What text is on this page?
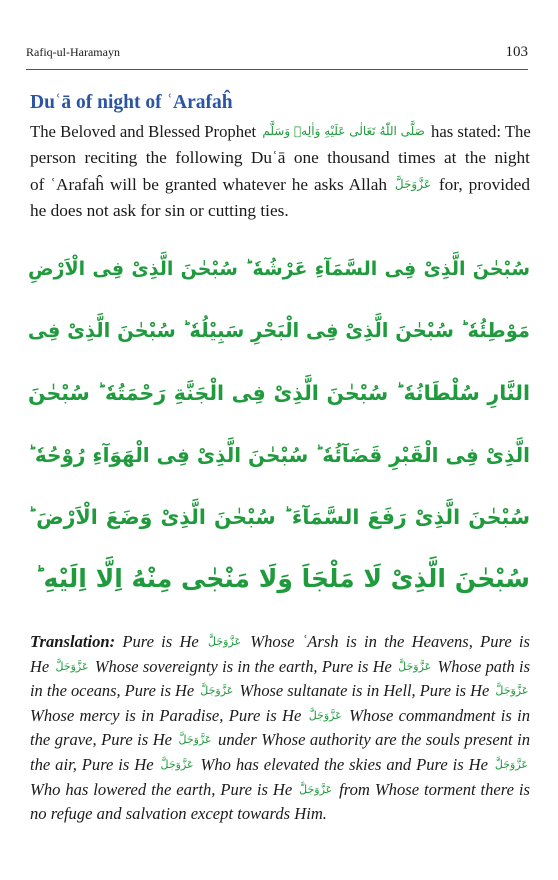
Rafiq-ul-Haramayn	103
Duʿā of night of ʿArafaĥ
The Beloved and Blessed Prophet صَلَّى اللّٰهُ تَعَالٰى عَلَيْهِ وَاٰلِهٖ وَسَلَّم has stated: The
person reciting the following Duʿā one thousand times at the night
of ʿArafaĥ will be granted whatever he asks Allah عَزَّوَجَلَّ for, provided
he does not ask for sin or cutting ties.
سُبْحٰنَ الَّذِىْ فِى السَّمَآءِ عَرْشُهٗ ؕ سُبْحٰنَ الَّذِىْ فِى الْاَرْضِ
مَوْطِئُهٗ ؕ سُبْحٰنَ الَّذِىْ فِى الْبَحْرِ سَبِيْلُهٗ ؕ سُبْحٰنَ الَّذِىْ فِى
النَّارِ سُلْطَانُهٗ ؕ سُبْحٰنَ الَّذِىْ فِى الْجَنَّةِ رَحْمَتُهٗ ؕ سُبْحٰنَ
الَّذِىْ فِى الْقَبْرِ قَضَآئُهٗ ؕ سُبْحٰنَ الَّذِىْ فِى الْهَوَآءِ رُوْحُهٗ ؕ
سُبْحٰنَ الَّذِىْ رَفَعَ السَّمَآءَ ؕ سُبْحٰنَ الَّذِىْ وَضَعَ الْاَرْضَ ؕ
سُبْحٰنَ الَّذِىْ لَا مَلْجَاَ وَلَا مَنْجٰى مِنْهُ اِلَّا اِلَيْهِ ؕ
Translation: Pure is He عَزَّوَجَلَّ Whose ʿArsh is in the Heavens, Pure is
He عَزَّوَجَلَّ Whose sovereignty is in the earth, Pure is He عَزَّوَجَلَّ Whose path is
in the oceans, Pure is He عَزَّوَجَلَّ Whose sultanate is in Hell, Pure is He عَزَّوَجَلَّ
Whose mercy is in Paradise, Pure is He عَزَّوَجَلَّ Whose commandment is in
the grave, Pure is He عَزَّوَجَلَّ under Whose authority are the souls present in
the air, Pure is He عَزَّوَجَلَّ Who has elevated the skies and Pure is He عَزَّوَجَلَّ
Who has lowered the earth, Pure is He عَزَّوَجَلَّ from Whose torment there is
no refuge and salvation except towards Him.
